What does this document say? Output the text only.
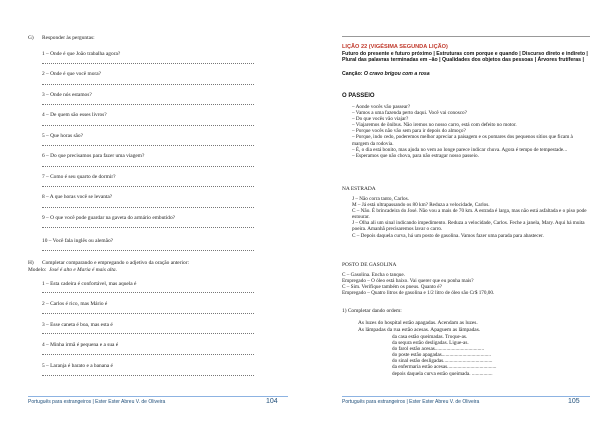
G) Responder às perguntas:
1 – Onde é que João trabalha agora?
2 – Onde é que você mora?
3 – Onde nós estamos?
4 – De quem são esses livros?
5 – Que horas são?
6 – Do que precisamos para fazer uma viagem?
7 – Como é seu quarto de dormir?
8 – A que horas você se levanta?
9 – O que você pode guardar na gaveta do armário embutido?
10 – Você fala inglês ou alemão?
H) Completar comparando e empregando o adjetivo da oração anterior:
Modelo: José é alto e Maria é mais alta.
1 – Esta cadeira é confortável, mas aquela é
2 – Carlos é rico, mas Mário é
3 – Esse caneta é boa, mas esta é
4 – Minha irmã é pequena e a sua é
5 – Laranja é barato e a banana é
Português para estrangeiros | Ester Ester Abreu V. de Oliveira	104
LIÇÃO 22 (VIGÉSIMA SEGUNDA LIÇÃO)
Futuro do presente e futuro próximo | Estruturas com porque e quando | Discurso direto e indireto | Plural das palavras terminadas em –ão | Qualidades dos objetos das pessoas | Árvores frutíferas |
Canção: O cravo brigou com a rosa
O PASSEIO
– Aonde vocês vão passear?
– Vamos a uma fazenda perto daqui. Você vai conosco?
– Do que vocês vão viajar?
– Viajaremos de ônibus. Não iremos no nosso carro, está com defeito no motor.
– Porque vocês não vão sem para ir depois do almoço?
– Porque, indo cedo, poderemos melhor apreciar a paisagem e os pomares dos pequenos sítios que ficam à margem da rodovia.
– É, o dia está bonito, mas ajuda no vem ao longe parece indicar chuva. Agora é tempo de tempestade...
– Esperamos que não chova, para não estragar nosso passeio.
NA ESTRADA
J – Não corra tanto, Carlos.
M – Já está ultrapassando os 80 km? Reduza a velocidade, Carlos.
C – Não. É brincadeira do José. Não vou a mais de 70 km. A estrada é larga, mas não está asfaltada e o piso pode estourar.
J – Olha ali um sinal indicando impedimento. Reduza a velocidade, Carlos. Feche a janela, Mary. Aqui há muita poeira. Amanhã precisaremos lavar o carro.
C – Depois daquela curva, há um posto de gasolina. Vamos fazer uma parada para abastecer.
POSTO DE GASOLINA
C – Gasolina. Encha o tanque.
Empregado – O óleo está baixo. Vai querer que eu ponha mais?
C – Sim. Verifique também os pneus. Quanto é?
Empregado – Quatro litros de gasolina e 1/2 litro de óleo são Cr$ 170,00.
1) Completar dando ordem:
As luzes do hospital estão apagadas. Acendam as luzes.
As lâmpadas da rua estão acesas. Apaguem as lâmpadas.
da casa estão queimadas. Troque-as.
da sequra estão desligadas. Ligue-as.
do farol estão acesas......................................
do poste estão apagadas......................................
do sinal estão desligadas......................................
da enfermaria estão acesas......................................
depois daquela curva estão queimada. ................
Português para estrangeiros | Ester Ester Abreu V. de Oliveira	105
